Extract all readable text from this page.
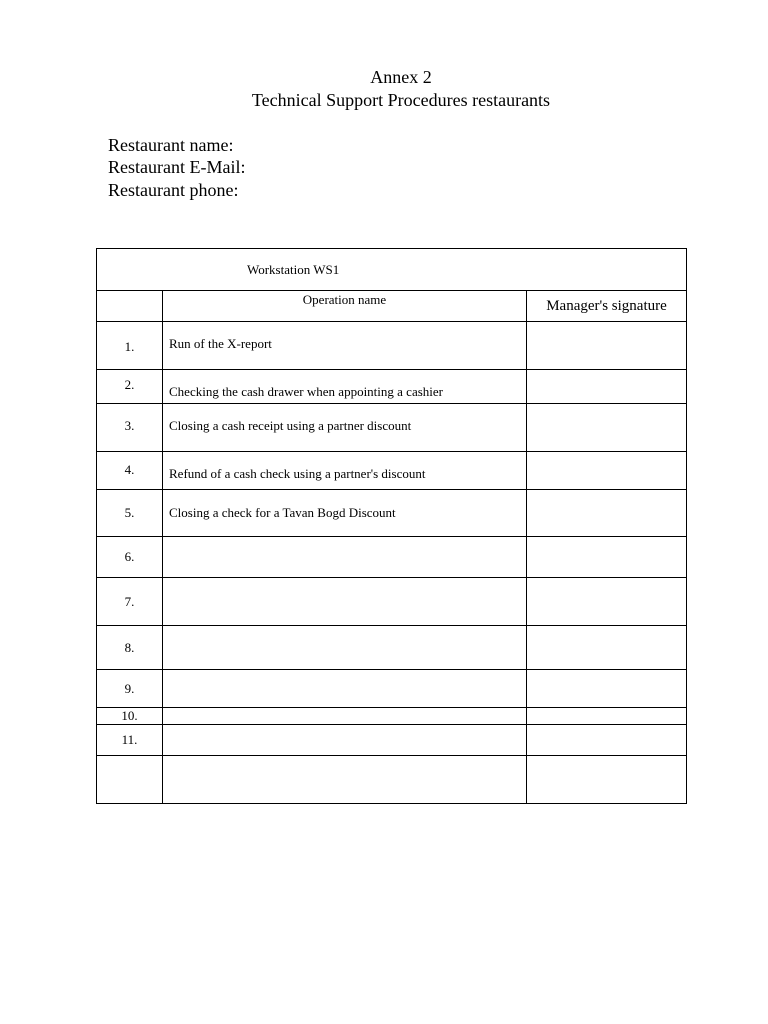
Annex 2
Technical Support Procedures restaurants
Restaurant name:
Restaurant E-Mail:
Restaurant phone:
Workstation WS1		
	Operation name	Manager's signature
1.	Run of the X-report	
2.	Checking the cash drawer when appointing a cashier	
3.	Closing a cash receipt using a partner discount	
4.	Refund of a cash check using a partner's discount	
5.	Closing a check for a Tavan Bogd Discount	
6.		
7.		
8.		
9.		
10.		
11.		
